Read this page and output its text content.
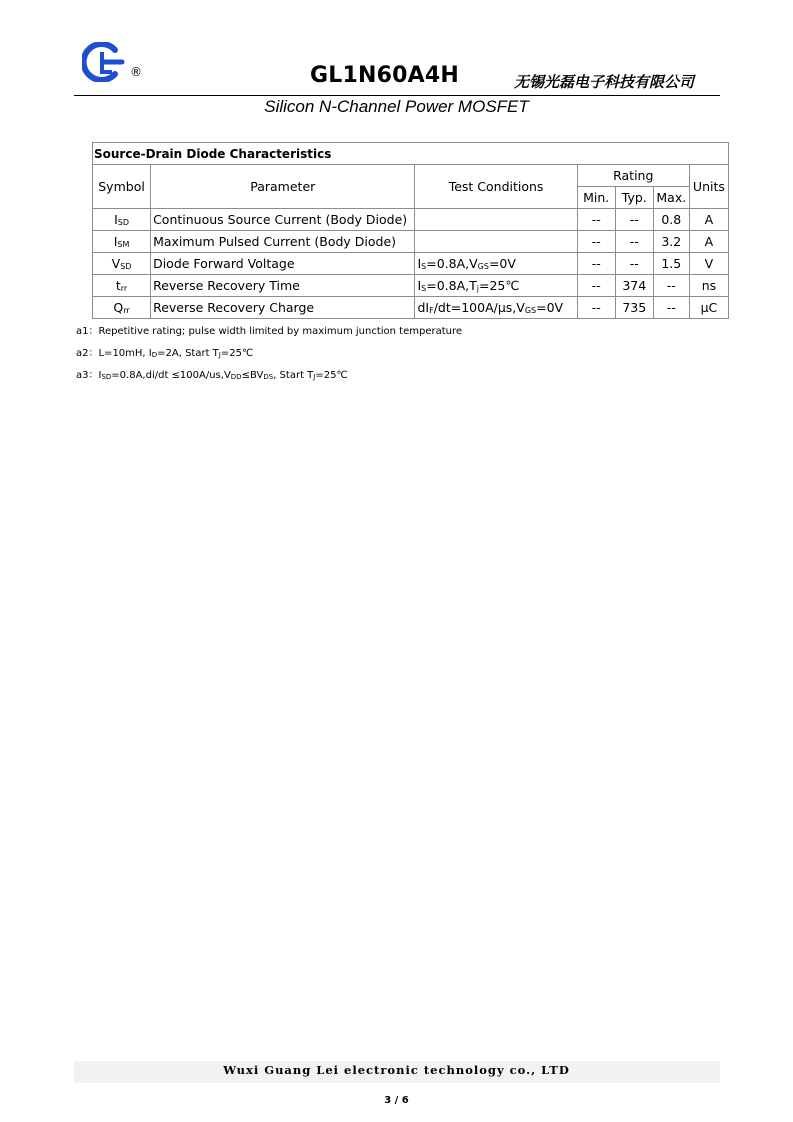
®	GL1N60A4H	无锡光磊电子科技有限公司
Silicon N-Channel Power MOSFET
Source-Drain Diode Characteristics						
Symbol	Parameter	Test Conditions	Rating			Units
			Min.	Typ.	Max.	
$I_{SD}$	Continuous Source Current (Body Diode)		--	--	0.8	A
$I_{SM}$	Maximum Pulsed Current (Body Diode)		--	--	3.2	A
$V_{SD}$	Diode Forward Voltage	$I_S=0.8A,V_{GS}=0V$	--	--	1.5	V
$t_{rr}$	Reverse Recovery Time	$I_S=0.8A,T_j=25℃$	--	374	--	ns
$Q_{rr}$	Reverse Recovery Charge	$dI_F/dt=100A/\mu s,V_{GS}=0V$	--	735	--	μC
a1：Repetitive rating; pulse width limited by maximum junction temperature
a2：L=10mH, $I_D=2A$, Start $T_J=25℃$
a3：$I_{SD}=0.8A,di/dt \le 100A/us,V_{DD}\le BV_{DS}$, Start $T_J=25℃$
Wuxi Guang Lei electronic technology co., LTD
3 / 6
